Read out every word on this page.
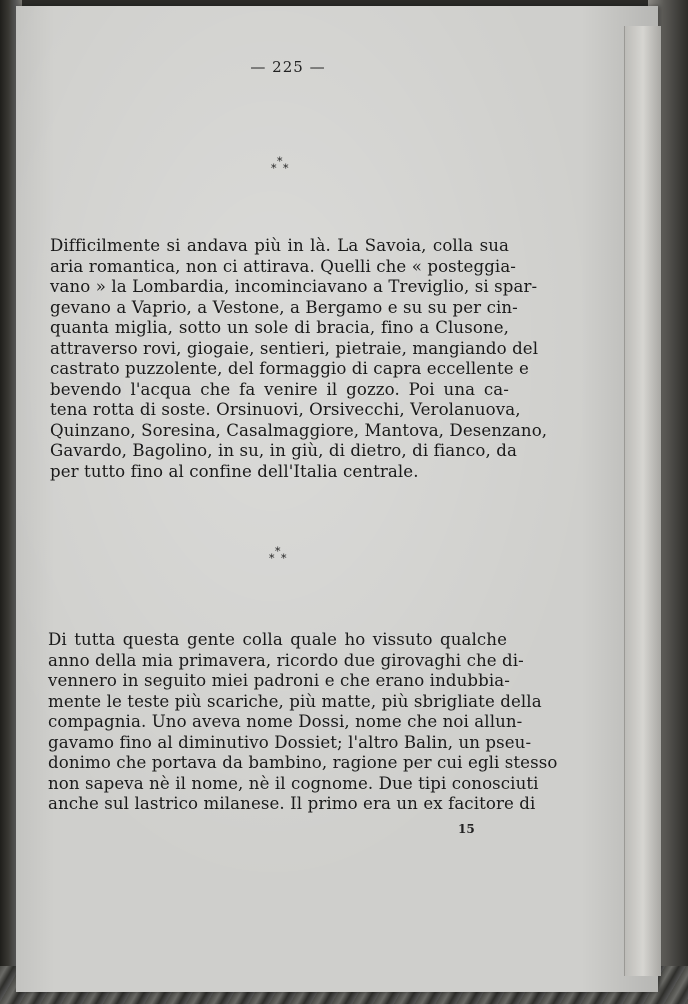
— 225 —
*
* *
Difficilmente si andava più in là. La Savoia, colla sua
aria romantica, non ci attirava. Quelli che « posteggia-
vano » la Lombardia, incominciavano a Treviglio, si spar-
gevano a Vaprio, a Vestone, a Bergamo e su su per cin-
quanta miglia, sotto un sole di bracia, fino a Clusone,
attraverso rovi, giogaie, sentieri, pietraie, mangiando del
castrato puzzolente, del formaggio di capra eccellente e
bevendo l'acqua che fa venire il gozzo. Poi una ca-
tena rotta di soste. Orsinuovi, Orsivecchi, Verolanuova,
Quinzano, Soresina, Casalmaggiore, Mantova, Desenzano,
Gavardo, Bagolino, in su, in giù, di dietro, di fianco, da
per tutto fino al confine dell'Italia centrale.
*
* *
Di tutta questa gente colla quale ho vissuto qualche
anno della mia primavera, ricordo due girovaghi che di-
vennero in seguito miei padroni e che erano indubbia-
mente le teste più scariche, più matte, più sbrigliate della
compagnia. Uno aveva nome Dossi, nome che noi allun-
gavamo fino al diminutivo Dossiet; l'altro Balin, un pseu-
donimo che portava da bambino, ragione per cui egli stesso
non sapeva nè il nome, nè il cognome. Due tipi conosciuti
anche sul lastrico milanese. Il primo era un ex facitore di
15
